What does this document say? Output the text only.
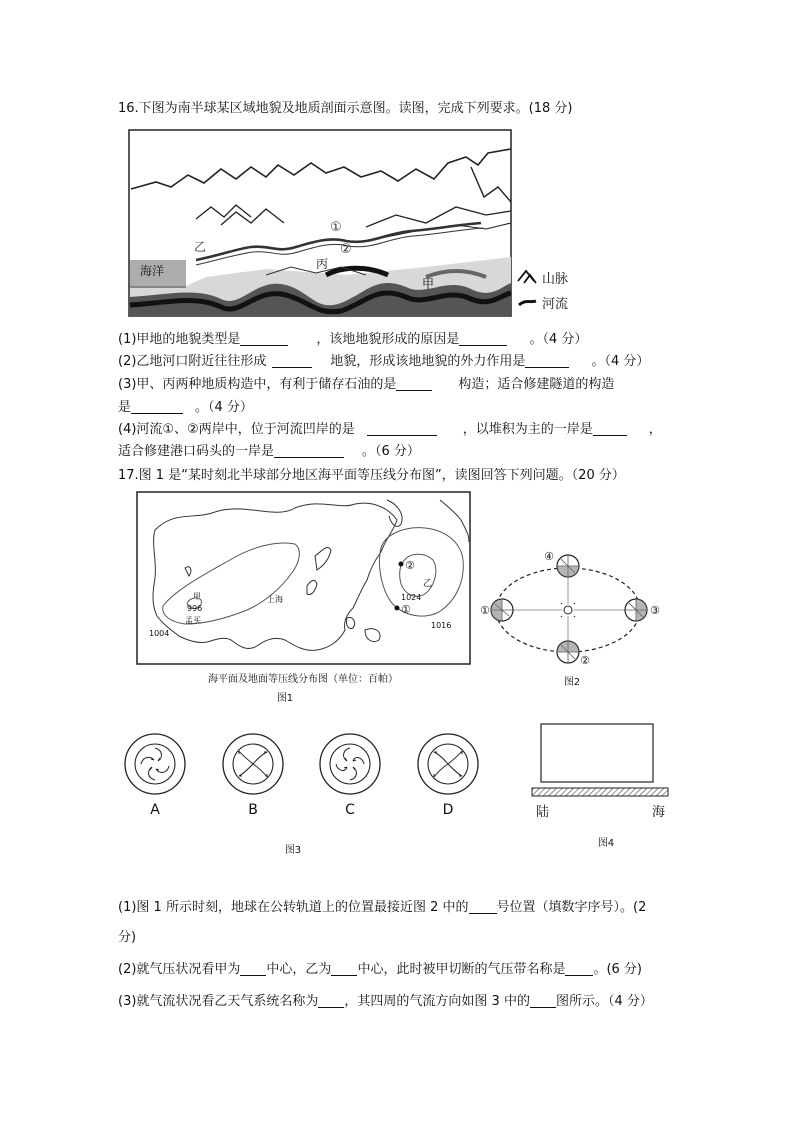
16.下图为南半球某区域地貌及地质剖面示意图。读图，完成下列要求。(18 分)
海洋
乙
丙
甲
①
②
山脉
河流
(1)甲地的地貌类型是	，该地地貌形成的原因是	。（4 分）
(2)乙地河口附近往往形成	地貌，形成该地地貌的外力作用是	。（4 分）
(3)甲、丙两种地质构造中，有利于储存石油的是	构造；适合修建隧道的构造
是	。（4 分）
(4)河流①、②两岸中，位于河流凹岸的是	，以堆积为主的一岸是	，
适合修建港口码头的一岸是	。（6 分）
17.图 1 是“某时刻北半球部分地区海平面等压线分布图”，读图回答下列问题。（20 分）
②
①
乙
1024
1016
甲
996
孟买
1004
上海
海平面及地面等压线分布图（单位：百帕）
图1
①
②
③
④
图2
A	B	C	D
图3
陆	海
图4
(1)图 1 所示时刻，地球在公转轨道上的位置最接近图 2 中的 号位置（填数字序号）。(2
分)
(2)就气压状况看甲为 中心，乙为 中心，此时被甲切断的气压带名称是 。(6 分)
(3)就气流状况看乙天气系统名称为 ，其四周的气流方向如图 3 中的 图所示。（4 分）
